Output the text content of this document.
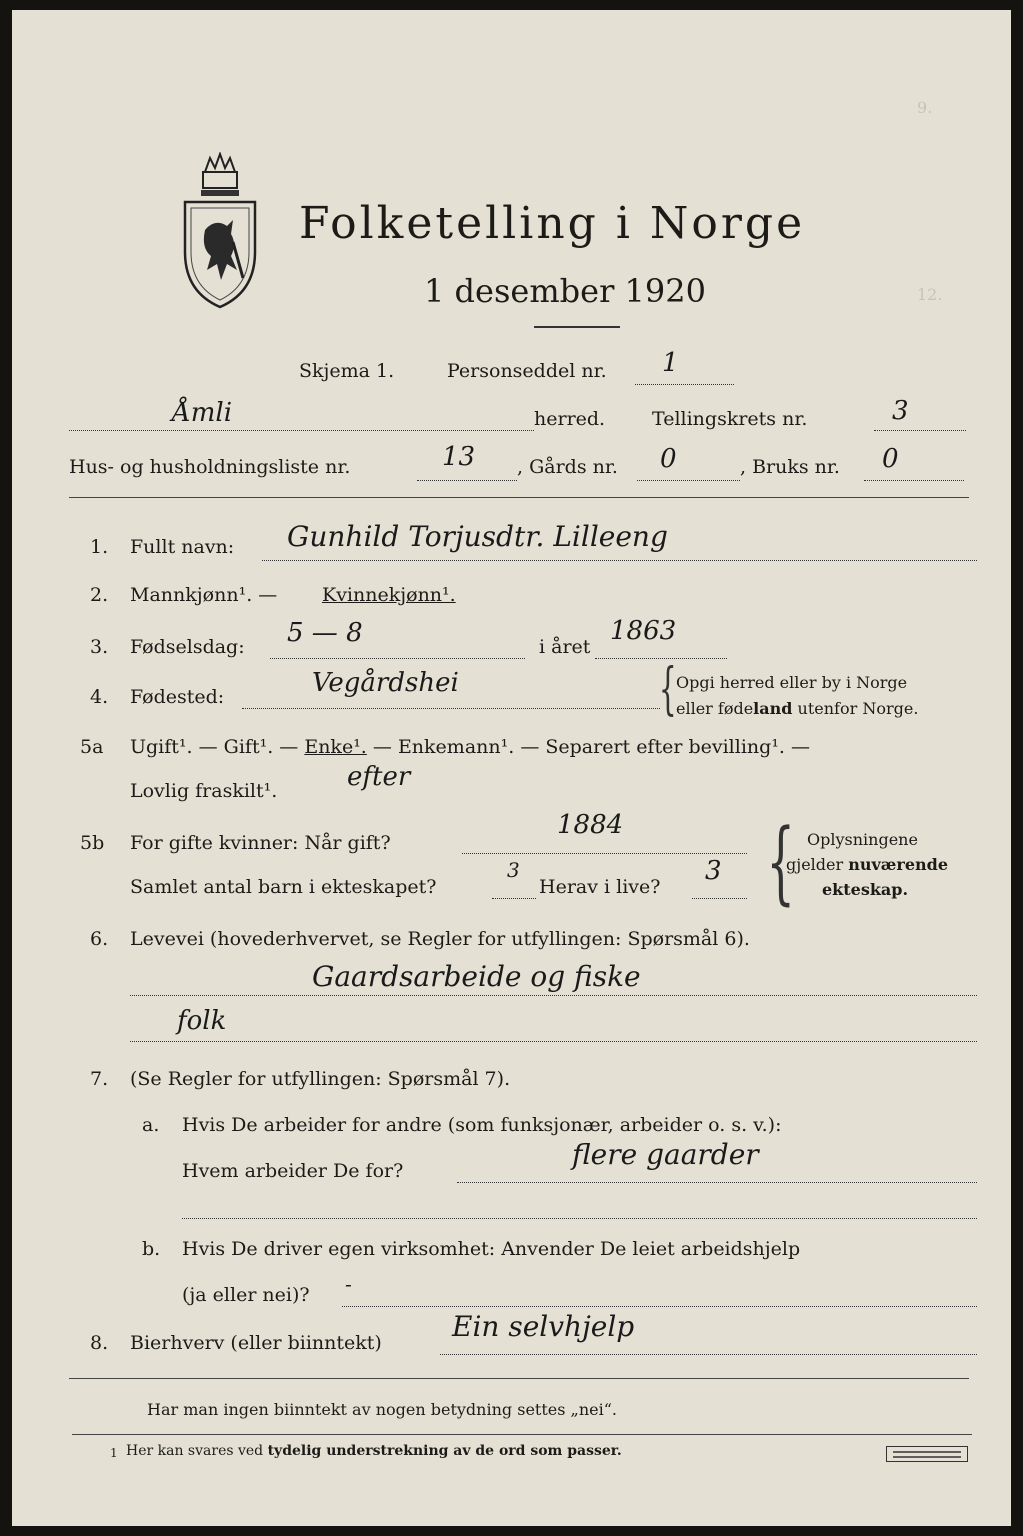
9.
12.
Folketelling i Norge
1 desember 1920
Skjema 1.	Personseddel nr. 1
Åmli	herred. Tellingskrets nr.	3
Hus- og husholdningsliste nr.	13 , Gårds nr. 0	, Bruks nr. 0
1. Fullt navn: Gunhild Torjusdtr. Lilleeng
2. Mannkjønn¹. — Kvinnekjønn¹.
3. Fødselsdag: 5 — 8	i året
1863
4. Fødested:	Vegårdshei	{ Opgi herred eller by i Norge
eller fødeland utenfor Norge.
5a Ugift¹. — Gift¹. — Enke¹. — Enkemann¹. — Separert efter bevilling¹. —
Lovlig fraskilt¹.	efter
5b For gifte kvinner: Når gift?
1884
Samlet antal barn i ekteskapet?
3
Herav i live?
3 { Oplysningene
gjelder nuværende
ekteskap.
6. Levevei (hovederhvervet, se Regler for utfyllingen: Spørsmål 6).
Gaardsarbeide og fiske
folk
7. (Se Regler for utfyllingen: Spørsmål 7).
a. Hvis De arbeider for andre (som funksjonær, arbeider o. s. v.):
Hvem arbeider De for?	flere gaarder
b. Hvis De driver egen virksomhet: Anvender De leiet arbeidshjelp
(ja eller nei)? -
8. Bierhverv (eller biinntekt)	Ein selvhjelp
Har man ingen biinntekt av nogen betydning settes „nei“.
1 Her kan svares ved tydelig understrekning av de ord som passer.
